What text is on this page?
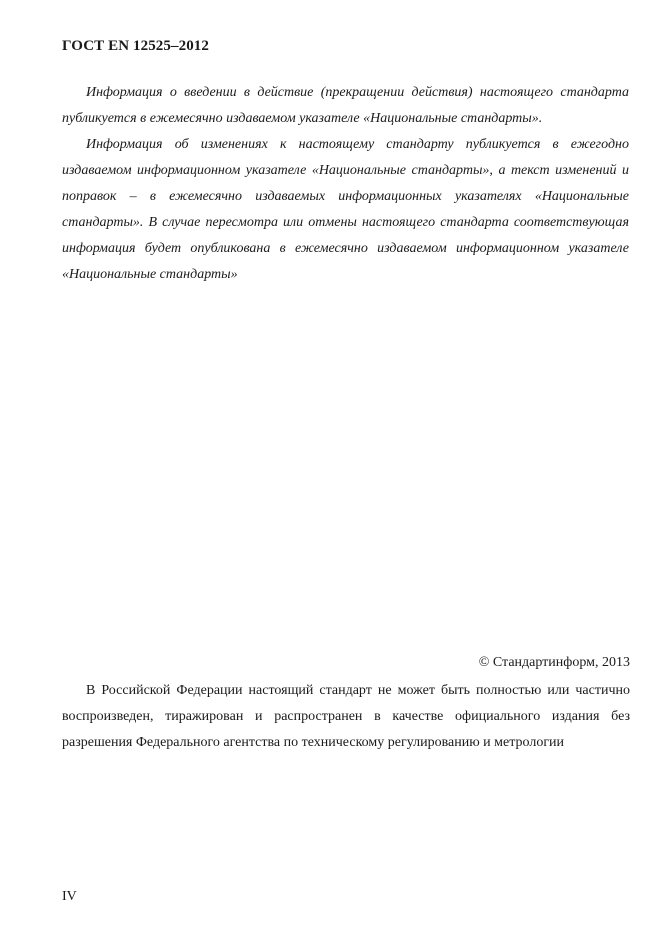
ГОСТ EN 12525–2012

Информация о введении в действие (прекращении действия) настоящего стандарта публикуется в ежемесячно издаваемом указателе «Национальные стандарты».

Информация об изменениях к настоящему стандарту публикуется в ежегодно издаваемом информационном указателе «Национальные стандарты», а текст изменений и поправок – в ежемесячно издаваемых информационных указателях «Национальные стандарты». В случае пересмотра или отмены настоящего стандарта соответствующая информация будет опубликована в ежемесячно издаваемом информационном указателе «Национальные стандарты»

© Стандартинформ, 2013

В Российской Федерации настоящий стандарт не может быть полностью или частично воспроизведен, тиражирован и распространен в качестве официального издания без разрешения Федерального агентства по техническому регулированию и метрологии

IV
